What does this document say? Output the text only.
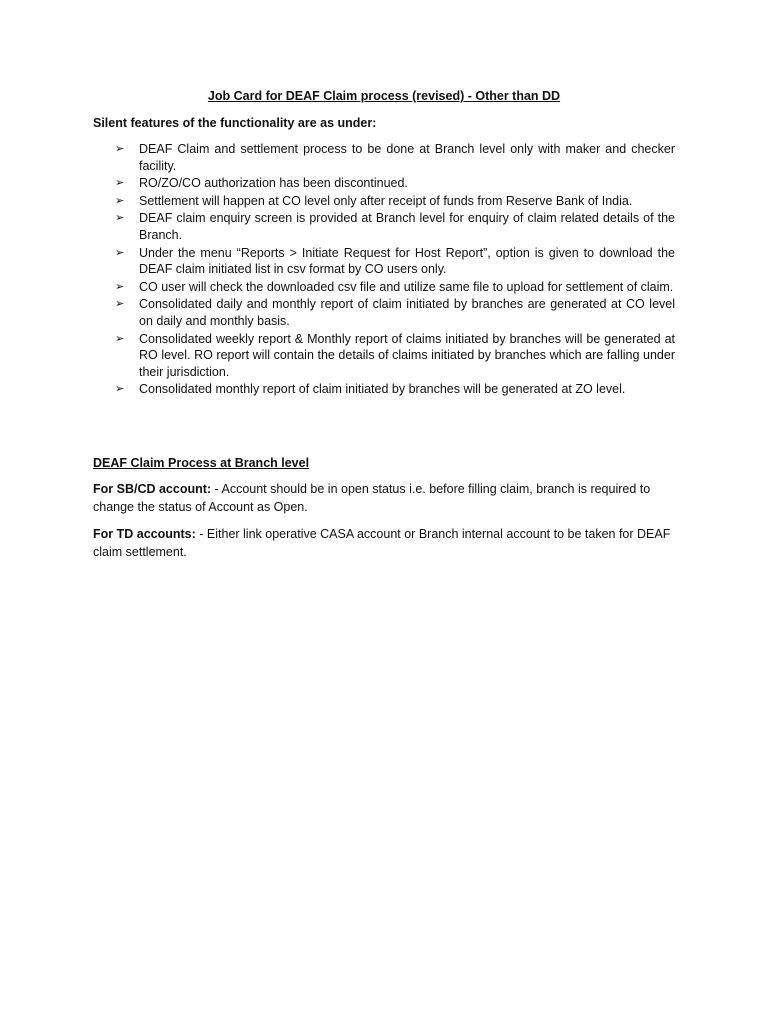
Job Card for DEAF Claim process (revised) - Other than DD
Silent features of the functionality are as under:
➢ DEAF Claim and settlement process to be done at Branch level only with maker and checker facility.
➢ RO/ZO/CO authorization has been discontinued.
➢ Settlement will happen at CO level only after receipt of funds from Reserve Bank of India.
➢ DEAF claim enquiry screen is provided at Branch level for enquiry of claim related details of the Branch.
➢ Under the menu “Reports > Initiate Request for Host Report”, option is given to download the DEAF claim initiated list in csv format by CO users only.
➢ CO user will check the downloaded csv file and utilize same file to upload for settlement of claim.
➢ Consolidated daily and monthly report of claim initiated by branches are generated at CO level on daily and monthly basis.
➢ Consolidated weekly report & Monthly report of claims initiated by branches will be generated at RO level. RO report will contain the details of claims initiated by branches which are falling under their jurisdiction.
➢ Consolidated monthly report of claim initiated by branches will be generated at ZO level.
DEAF Claim Process at Branch level
For SB/CD account: - Account should be in open status i.e. before filling claim, branch is required to change the status of Account as Open.
For TD accounts: - Either link operative CASA account or Branch internal account to be taken for DEAF claim settlement.
